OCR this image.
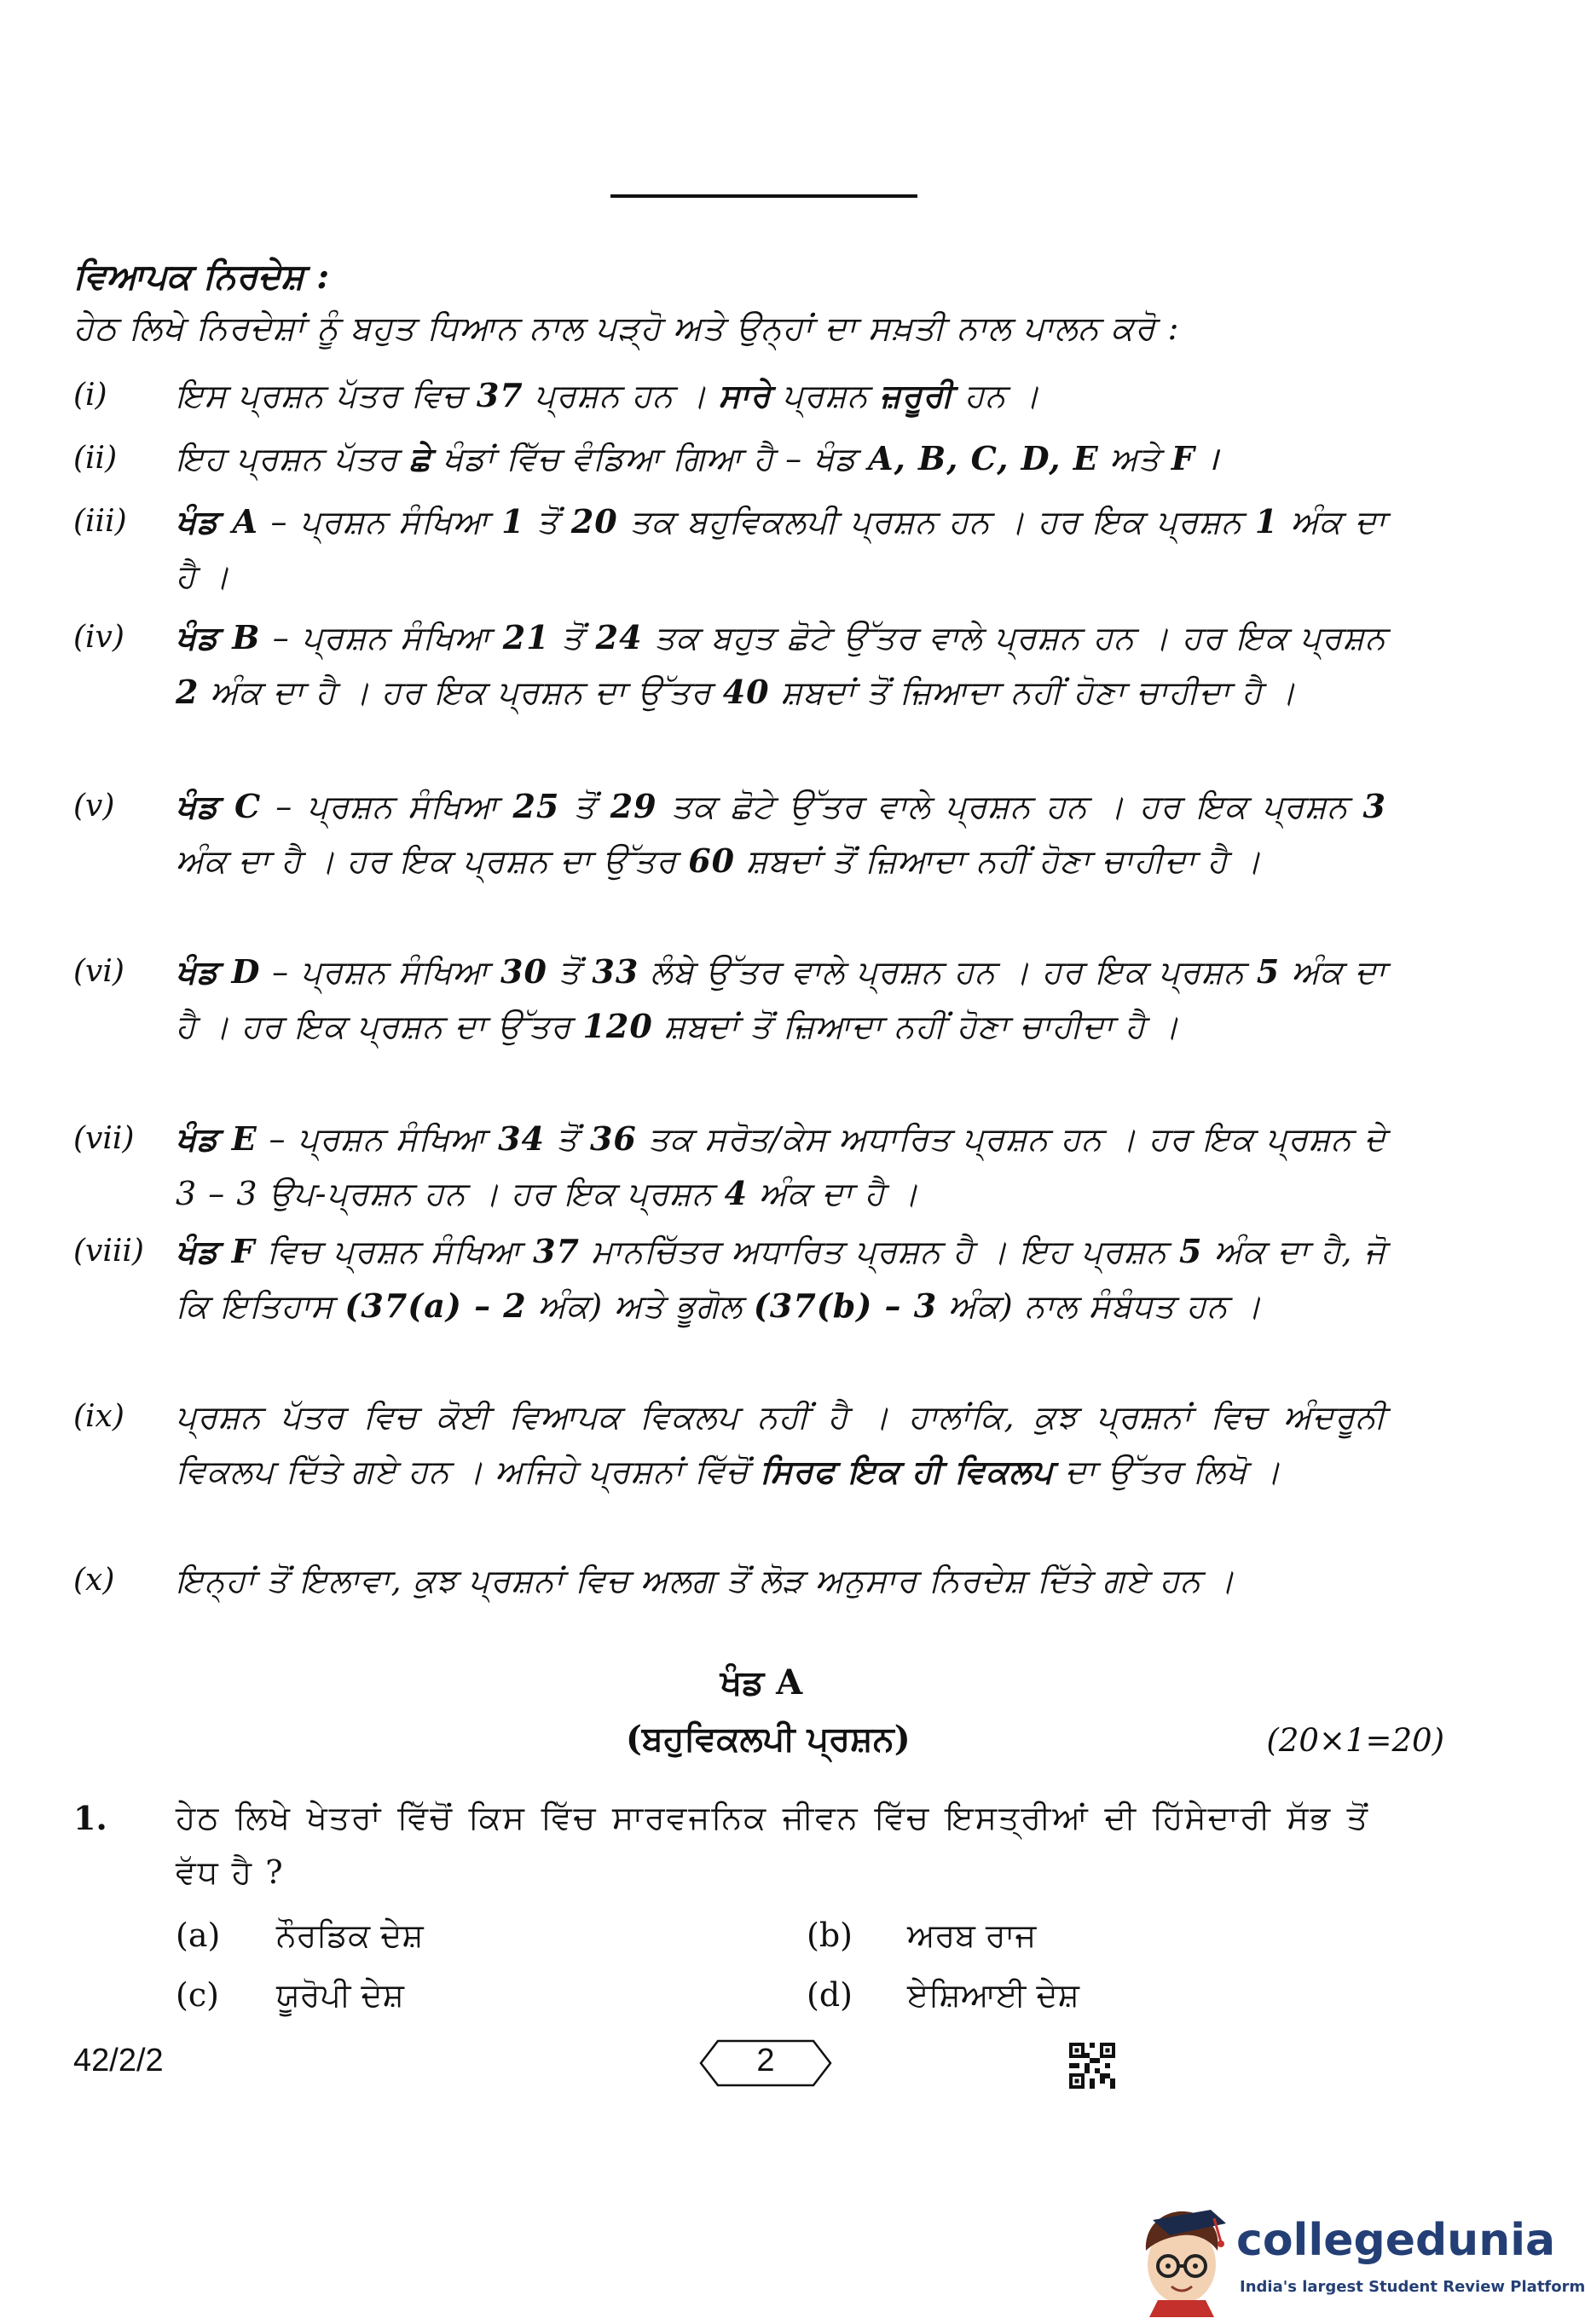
ਵਿਆਪਕ ਨਿਰਦੇਸ਼ :
ਹੇਠ ਲਿਖੇ ਨਿਰਦੇਸ਼ਾਂ ਨੂੰ ਬਹੁਤ ਧਿਆਨ ਨਾਲ ਪੜ੍ਹੋ ਅਤੇ ਉਨ੍ਹਾਂ ਦਾ ਸਖ਼ਤੀ ਨਾਲ ਪਾਲਨ ਕਰੋ :
(i)	ਇਸ ਪ੍ਰਸ਼ਨ ਪੱਤਰ ਵਿਚ 37 ਪ੍ਰਸ਼ਨ ਹਨ । ਸਾਰੇ ਪ੍ਰਸ਼ਨ ਜ਼ਰੂਰੀ ਹਨ ।
(ii)	ਇਹ ਪ੍ਰਸ਼ਨ ਪੱਤਰ ਛੇ ਖੰਡਾਂ ਵਿੱਚ ਵੰਡਿਆ ਗਿਆ ਹੈ – ਖੰਡ A, B, C, D, E ਅਤੇ F ।
(iii)	ਖੰਡ A – ਪ੍ਰਸ਼ਨ ਸੰਖਿਆ 1 ਤੋਂ 20 ਤਕ ਬਹੁਵਿਕਲਪੀ ਪ੍ਰਸ਼ਨ ਹਨ । ਹਰ ਇਕ ਪ੍ਰਸ਼ਨ 1 ਅੰਕ ਦਾ ਹੈ ।
(iv)	ਖੰਡ B – ਪ੍ਰਸ਼ਨ ਸੰਖਿਆ 21 ਤੋਂ 24 ਤਕ ਬਹੁਤ ਛੋਟੇ ਉੱਤਰ ਵਾਲੇ ਪ੍ਰਸ਼ਨ ਹਨ । ਹਰ ਇਕ ਪ੍ਰਸ਼ਨ 2 ਅੰਕ ਦਾ ਹੈ । ਹਰ ਇਕ ਪ੍ਰਸ਼ਨ ਦਾ ਉੱਤਰ 40 ਸ਼ਬਦਾਂ ਤੋਂ ਜ਼ਿਆਦਾ ਨਹੀਂ ਹੋਣਾ ਚਾਹੀਦਾ ਹੈ ।
(v)	ਖੰਡ C – ਪ੍ਰਸ਼ਨ ਸੰਖਿਆ 25 ਤੋਂ 29 ਤਕ ਛੋਟੇ ਉੱਤਰ ਵਾਲੇ ਪ੍ਰਸ਼ਨ ਹਨ । ਹਰ ਇਕ ਪ੍ਰਸ਼ਨ 3 ਅੰਕ ਦਾ ਹੈ । ਹਰ ਇਕ ਪ੍ਰਸ਼ਨ ਦਾ ਉੱਤਰ 60 ਸ਼ਬਦਾਂ ਤੋਂ ਜ਼ਿਆਦਾ ਨਹੀਂ ਹੋਣਾ ਚਾਹੀਦਾ ਹੈ ।
(vi)	ਖੰਡ D – ਪ੍ਰਸ਼ਨ ਸੰਖਿਆ 30 ਤੋਂ 33 ਲੰਬੇ ਉੱਤਰ ਵਾਲੇ ਪ੍ਰਸ਼ਨ ਹਨ । ਹਰ ਇਕ ਪ੍ਰਸ਼ਨ 5 ਅੰਕ ਦਾ ਹੈ । ਹਰ ਇਕ ਪ੍ਰਸ਼ਨ ਦਾ ਉੱਤਰ 120 ਸ਼ਬਦਾਂ ਤੋਂ ਜ਼ਿਆਦਾ ਨਹੀਂ ਹੋਣਾ ਚਾਹੀਦਾ ਹੈ ।
(vii)	ਖੰਡ E – ਪ੍ਰਸ਼ਨ ਸੰਖਿਆ 34 ਤੋਂ 36 ਤਕ ਸਰੋਤ/ਕੇਸ ਅਧਾਰਿਤ ਪ੍ਰਸ਼ਨ ਹਨ । ਹਰ ਇਕ ਪ੍ਰਸ਼ਨ ਦੇ 3 – 3 ਉਪ-ਪ੍ਰਸ਼ਨ ਹਨ । ਹਰ ਇਕ ਪ੍ਰਸ਼ਨ 4 ਅੰਕ ਦਾ ਹੈ ।
(viii) ਖੰਡ F ਵਿਚ ਪ੍ਰਸ਼ਨ ਸੰਖਿਆ 37 ਮਾਨਚਿੱਤਰ ਅਧਾਰਿਤ ਪ੍ਰਸ਼ਨ ਹੈ । ਇਹ ਪ੍ਰਸ਼ਨ 5 ਅੰਕ ਦਾ ਹੈ, ਜੋ ਕਿ ਇਤਿਹਾਸ (37(a) – 2 ਅੰਕ) ਅਤੇ ਭੂਗੋਲ (37(b) – 3 ਅੰਕ) ਨਾਲ ਸੰਬੰਧਤ ਹਨ ।
(ix)	ਪ੍ਰਸ਼ਨ ਪੱਤਰ ਵਿਚ ਕੋਈ ਵਿਆਪਕ ਵਿਕਲਪ ਨਹੀਂ ਹੈ । ਹਾਲਾਂਕਿ, ਕੁਝ ਪ੍ਰਸ਼ਨਾਂ ਵਿਚ ਅੰਦਰੂਨੀ ਵਿਕਲਪ ਦਿੱਤੇ ਗਏ ਹਨ । ਅਜਿਹੇ ਪ੍ਰਸ਼ਨਾਂ ਵਿੱਚੋਂ ਸਿਰਫ ਇਕ ਹੀ ਵਿਕਲਪ ਦਾ ਉੱਤਰ ਲਿਖੋ ।
(x)	ਇਨ੍ਹਾਂ ਤੋਂ ਇਲਾਵਾ, ਕੁਝ ਪ੍ਰਸ਼ਨਾਂ ਵਿਚ ਅਲਗ ਤੋਂ ਲੋੜ ਅਨੁਸਾਰ ਨਿਰਦੇਸ਼ ਦਿੱਤੇ ਗਏ ਹਨ ।
ਖੰਡ A
(ਬਹੁਵਿਕਲਪੀ ਪ੍ਰਸ਼ਨ)	(20×1=20)
1. ਹੇਠ ਲਿਖੇ ਖੇਤਰਾਂ ਵਿੱਚੋਂ ਕਿਸ ਵਿੱਚ ਸਾਰਵਜਨਿਕ ਜੀਵਨ ਵਿੱਚ ਇਸਤ੍ਰੀਆਂ ਦੀ ਹਿੱਸੇਦਾਰੀ ਸੱਭ ਤੋਂ ਵੱਧ ਹੈ ?
(a) ਨੌਰਡਿਕ ਦੇਸ਼	(b) ਅਰਬ ਰਾਜ
(c) ਯੂਰੋਪੀ ਦੇਸ਼	(d) ਏਸ਼ਿਆਈ ਦੇਸ਼
42/2/2	2
collegedunia
India's largest Student Review Platform
